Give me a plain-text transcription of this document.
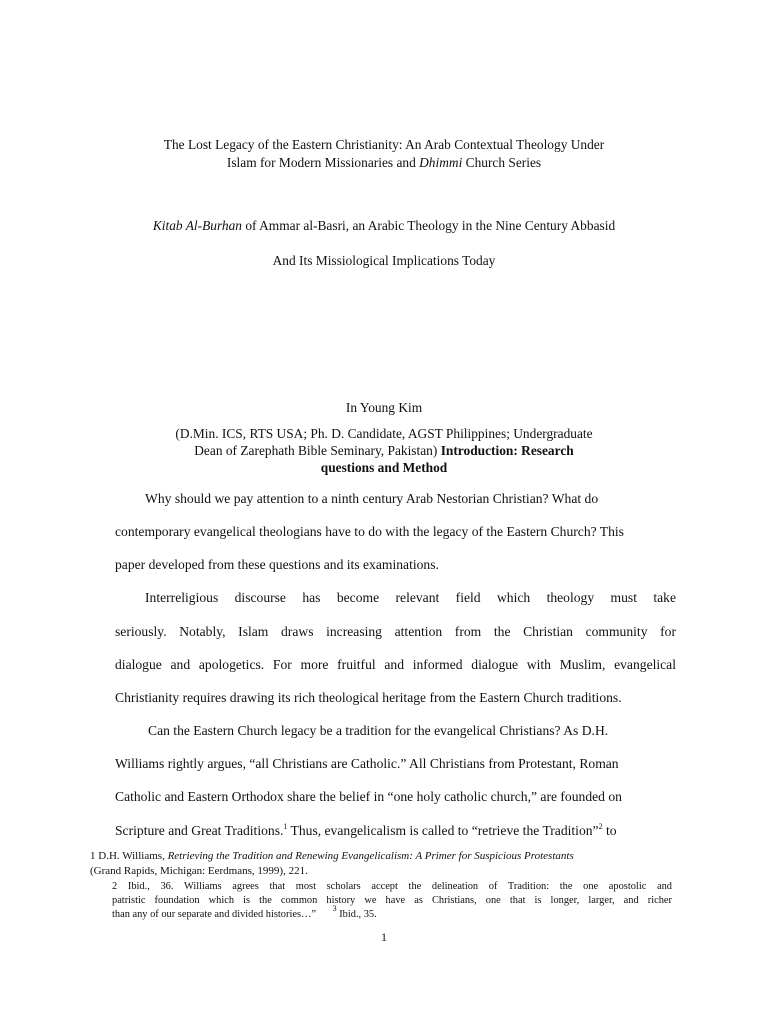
The Lost Legacy of the Eastern Christianity: An Arab Contextual Theology Under
Islam for Modern Missionaries and Dhimmi Church Series
Kitab Al-Burhan of Ammar al-Basri, an Arabic Theology in the Nine Century Abbasid
And Its Missiological Implications Today
In Young Kim
(D.Min. ICS, RTS USA; Ph. D. Candidate, AGST Philippines; Undergraduate
Dean of Zarephath Bible Seminary, Pakistan) Introduction: Research
questions and Method
Why should we pay attention to a ninth century Arab Nestorian Christian? What do
contemporary evangelical theologians have to do with the legacy of the Eastern Church? This
paper developed from these questions and its examinations.
Interreligious discourse has become relevant field which theology must take
seriously. Notably, Islam draws increasing attention from the Christian community for
dialogue and apologetics. For more fruitful and informed dialogue with Muslim, evangelical
Christianity requires drawing its rich theological heritage from the Eastern Church traditions.
Can the Eastern Church legacy be a tradition for the evangelical Christians? As D.H.
Williams rightly argues, “all Christians are Catholic.” All Christians from Protestant, Roman
Catholic and Eastern Orthodox share the belief in “one holy catholic church,” are founded on
Scripture and Great Traditions.$^1$ Thus, evangelicalism is called to “retrieve the Tradition”$^2$ to
1 D.H. Williams, Retrieving the Tradition and Renewing Evangelicalism: A Primer for Suspicious Protestants
(Grand Rapids, Michigan: Eerdmans, 1999), 221.
2 Ibid., 36. Williams agrees that most scholars accept the delineation of Tradition: the one apostolic and
patristic foundation which is the common history we have as Christians, one that is longer, larger, and richer
than any of our separate and divided histories…” $^3$ Ibid., 35.
1
